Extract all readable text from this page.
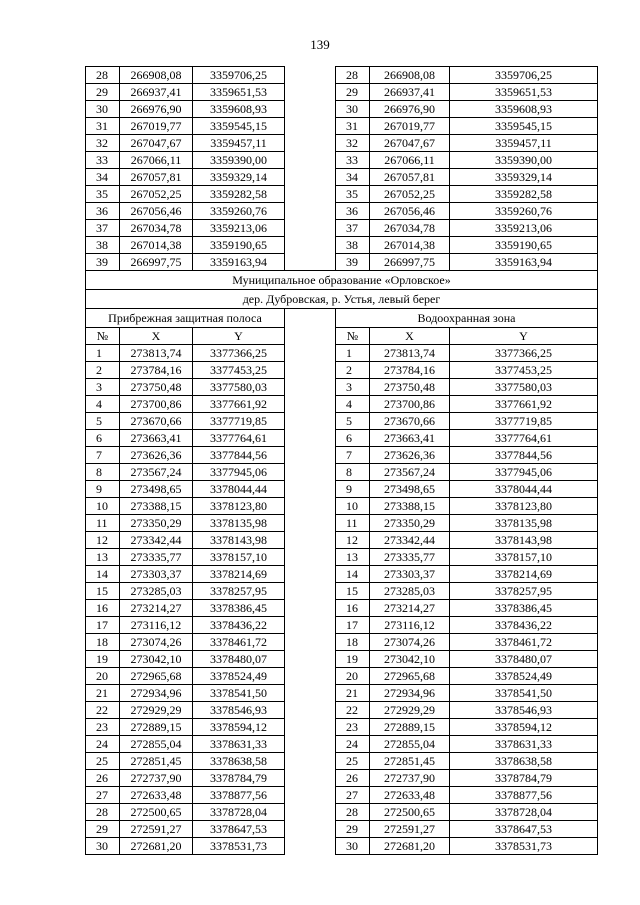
139
28	266908,08	3359706,25		28	266908,08	3359706,25
29	266937,41	3359651,53		29	266937,41	3359651,53
30	266976,90	3359608,93		30	266976,90	3359608,93
31	267019,77	3359545,15		31	267019,77	3359545,15
32	267047,67	3359457,11		32	267047,67	3359457,11
33	267066,11	3359390,00		33	267066,11	3359390,00
34	267057,81	3359329,14		34	267057,81	3359329,14
35	267052,25	3359282,58		35	267052,25	3359282,58
36	267056,46	3359260,76		36	267056,46	3359260,76
37	267034,78	3359213,06		37	267034,78	3359213,06
38	267014,38	3359190,65		38	267014,38	3359190,65
39	266997,75	3359163,94		39	266997,75	3359163,94
Муниципальное образование «Орловское»						
дер. Дубровская, р. Устья, левый берег						
Прибрежная защитная полоса				Водоохранная зона		
№	X	Y		№	X	Y
1	273813,74	3377366,25		1	273813,74	3377366,25
2	273784,16	3377453,25		2	273784,16	3377453,25
3	273750,48	3377580,03		3	273750,48	3377580,03
4	273700,86	3377661,92		4	273700,86	3377661,92
5	273670,66	3377719,85		5	273670,66	3377719,85
6	273663,41	3377764,61		6	273663,41	3377764,61
7	273626,36	3377844,56		7	273626,36	3377844,56
8	273567,24	3377945,06		8	273567,24	3377945,06
9	273498,65	3378044,44		9	273498,65	3378044,44
10	273388,15	3378123,80		10	273388,15	3378123,80
11	273350,29	3378135,98		11	273350,29	3378135,98
12	273342,44	3378143,98		12	273342,44	3378143,98
13	273335,77	3378157,10		13	273335,77	3378157,10
14	273303,37	3378214,69		14	273303,37	3378214,69
15	273285,03	3378257,95		15	273285,03	3378257,95
16	273214,27	3378386,45		16	273214,27	3378386,45
17	273116,12	3378436,22		17	273116,12	3378436,22
18	273074,26	3378461,72		18	273074,26	3378461,72
19	273042,10	3378480,07		19	273042,10	3378480,07
20	272965,68	3378524,49		20	272965,68	3378524,49
21	272934,96	3378541,50		21	272934,96	3378541,50
22	272929,29	3378546,93		22	272929,29	3378546,93
23	272889,15	3378594,12		23	272889,15	3378594,12
24	272855,04	3378631,33		24	272855,04	3378631,33
25	272851,45	3378638,58		25	272851,45	3378638,58
26	272737,90	3378784,79		26	272737,90	3378784,79
27	272633,48	3378877,56		27	272633,48	3378877,56
28	272500,65	3378728,04		28	272500,65	3378728,04
29	272591,27	3378647,53		29	272591,27	3378647,53
30	272681,20	3378531,73		30	272681,20	3378531,73
